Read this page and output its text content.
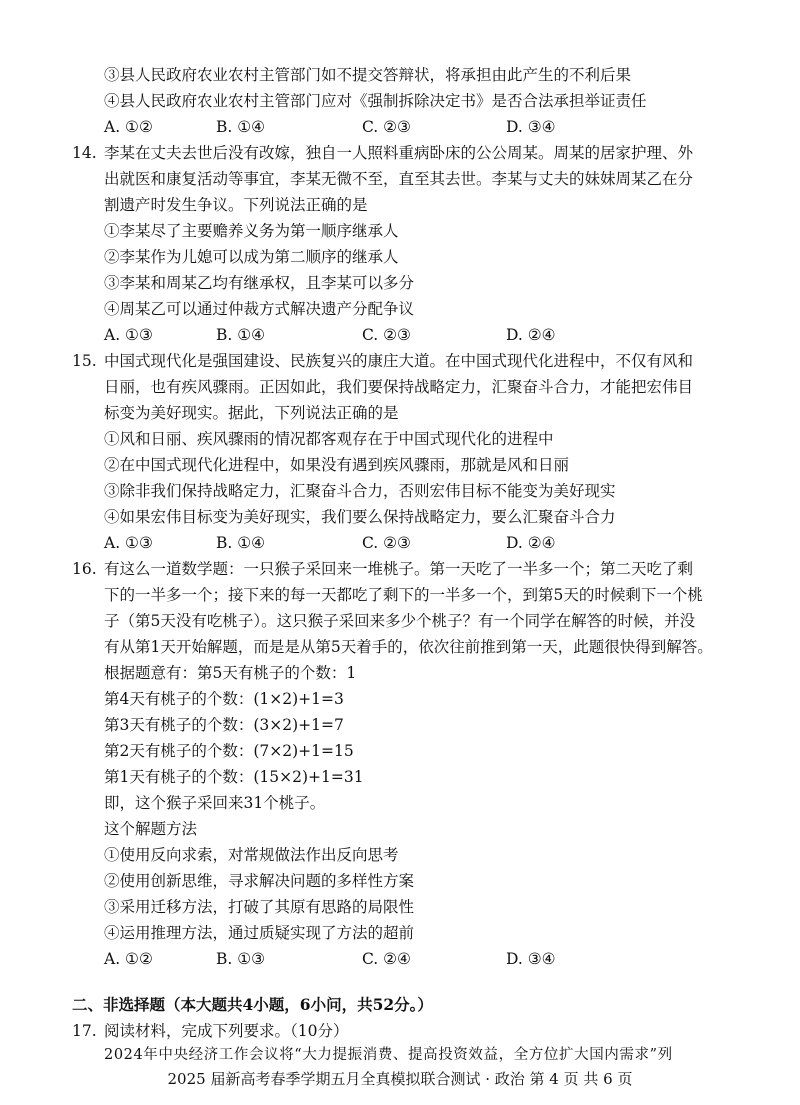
③县人民政府农业农村主管部门如不提交答辩状，将承担由此产生的不利后果
④县人民政府农业农村主管部门应对《强制拆除决定书》是否合法承担举证责任
A. ①②	B. ①④	C. ②③	D. ③④
14. 李某在丈夫去世后没有改嫁，独自一人照料重病卧床的公公周某。周某的居家护理、外
出就医和康复活动等事宜，李某无微不至，直至其去世。李某与丈夫的妹妹周某乙在分
割遗产时发生争议。下列说法正确的是
①李某尽了主要赡养义务为第一顺序继承人
②李某作为儿媳可以成为第二顺序的继承人
③李某和周某乙均有继承权，且李某可以多分
④周某乙可以通过仲裁方式解决遗产分配争议
A. ①③	B. ①④	C. ②③	D. ②④
15. 中国式现代化是强国建设、民族复兴的康庄大道。在中国式现代化进程中，不仅有风和
日丽，也有疾风骤雨。正因如此，我们要保持战略定力，汇聚奋斗合力，才能把宏伟目
标变为美好现实。据此，下列说法正确的是
①风和日丽、疾风骤雨的情况都客观存在于中国式现代化的进程中
②在中国式现代化进程中，如果没有遇到疾风骤雨，那就是风和日丽
③除非我们保持战略定力，汇聚奋斗合力，否则宏伟目标不能变为美好现实
④如果宏伟目标变为美好现实，我们要么保持战略定力，要么汇聚奋斗合力
A. ①③	B. ①④	C. ②③	D. ②④
16. 有这么一道数学题：一只猴子采回来一堆桃子。第一天吃了一半多一个；第二天吃了剩
下的一半多一个；接下来的每一天都吃了剩下的一半多一个，到第5天的时候剩下一个桃
子（第5天没有吃桃子）。这只猴子采回来多少个桃子？有一个同学在解答的时候，并没
有从第1天开始解题，而是是从第5天着手的，依次往前推到第一天，此题很快得到解答。
根据题意有：第5天有桃子的个数：1
第4天有桃子的个数：(1×2)+1=3
第3天有桃子的个数：(3×2)+1=7
第2天有桃子的个数：(7×2)+1=15
第1天有桃子的个数：(15×2)+1=31
即，这个猴子采回来31个桃子。
这个解题方法
①使用反向求索，对常规做法作出反向思考
②使用创新思维，寻求解决问题的多样性方案
③采用迁移方法，打破了其原有思路的局限性
④运用推理方法，通过质疑实现了方法的超前
A. ①②	B. ①③	C. ②④	D. ③④
二、非选择题（本大题共4小题，6小问，共52分。）
17. 阅读材料，完成下列要求。（10分）
2024年中央经济工作会议将“大力提振消费、提高投资效益，全方位扩大国内需求”列
2025 届新高考春季学期五月全真模拟联合测试 · 政治 第 4 页 共 6 页
